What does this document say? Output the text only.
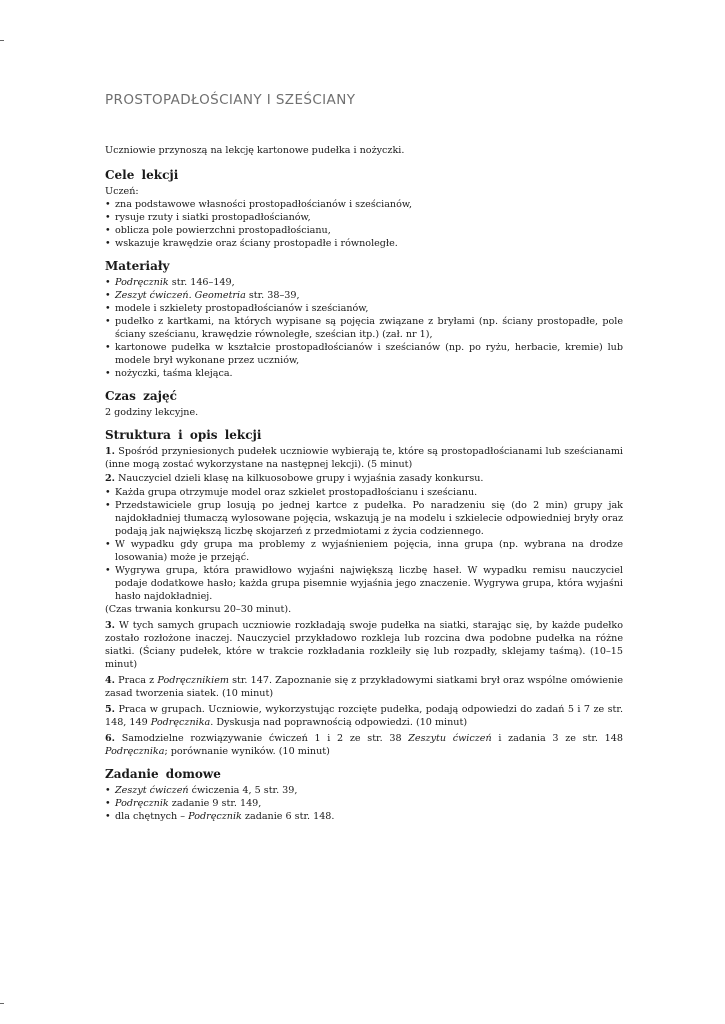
PROSTOPADŁOŚCIANY I SZEŚCIANY

Uczniowie przynoszą na lekcję kartonowe pudełka i nożyczki.

Cele lekcji

Uczeń:

• zna podstawowe własności prostopadłościanów i sześcianów,
• rysuje rzuty i siatki prostopadłościanów,
• oblicza pole powierzchni prostopadłościanu,
• wskazuje krawędzie oraz ściany prostopadłe i równoległe.
Materiały
• Podręcznik str. 146–149,
• Zeszyt ćwiczeń. Geometria str. 38–39,
• modele i szkielety prostopadłościanów i sześcianów,
• pudełko z kartkami, na których wypisane są pojęcia związane z bryłami (np. ściany prostopadłe, pole ściany sześcianu, krawędzie równoległe, sześcian itp.) (zał. nr 1),
• kartonowe pudełka w kształcie prostopadłościanów i sześcianów (np. po ryżu, herbacie, kremie) lub modele brył wykonane przez uczniów,
• nożyczki, taśma klejąca.
Czas zajęć

2 godziny lekcyjne.

Struktura i opis lekcji

1. Spośród przyniesionych pudełek uczniowie wybierają te, które są prostopadłościanami lub sześcianami (inne mogą zostać wykorzystane na następnej lekcji). (5 minut)

2. Nauczyciel dzieli klasę na kilkuosobowe grupy i wyjaśnia zasady konkursu.

• Każda grupa otrzymuje model oraz szkielet prostopadłościanu i sześcianu.
• Przedstawiciele grup losują po jednej kartce z pudełka. Po naradzeniu się (do 2 min) grupy jak najdokładniej tłumaczą wylosowane pojęcia, wskazują je na modelu i szkielecie odpowiedniej bryły oraz podają jak największą liczbę skojarzeń z przedmiotami z życia codziennego.
• W wypadku gdy grupa ma problemy z wyjaśnieniem pojęcia, inna grupa (np. wybrana na drodze losowania) może je przejąć.
• Wygrywa grupa, która prawidłowo wyjaśni największą liczbę haseł. W wypadku remisu nauczyciel podaje dodatkowe hasło; każda grupa pisemnie wyjaśnia jego znaczenie. Wygrywa grupa, która wyjaśni hasło najdokładniej.

(Czas trwania konkursu 20–30 minut).

3. W tych samych grupach uczniowie rozkładają swoje pudełka na siatki, starając się, by każde pudełko zostało rozłożone inaczej. Nauczyciel przykładowo rozkleja lub rozcina dwa podobne pudełka na różne siatki. (Ściany pudełek, które w trakcie rozkładania rozkleiły się lub rozpadły, sklejamy taśmą). (10–15 minut)

4. Praca z Podręcznikiem str. 147. Zapoznanie się z przykładowymi siatkami brył oraz wspólne omówienie zasad tworzenia siatek. (10 minut)

5. Praca w grupach. Uczniowie, wykorzystując rozcięte pudełka, podają odpowiedzi do zadań 5 i 7 ze str. 148, 149 Podręcznika. Dyskusja nad poprawnością odpowiedzi. (10 minut)

6. Samodzielne rozwiązywanie ćwiczeń 1 i 2 ze str. 38 Zeszytu ćwiczeń i zadania 3 ze str. 148 Podręcznika; porównanie wyników. (10 minut)

Zadanie domowe
• Zeszyt ćwiczeń ćwiczenia 4, 5 str. 39,
• Podręcznik zadanie 9 str. 149,
• dla chętnych – Podręcznik zadanie 6 str. 148.
